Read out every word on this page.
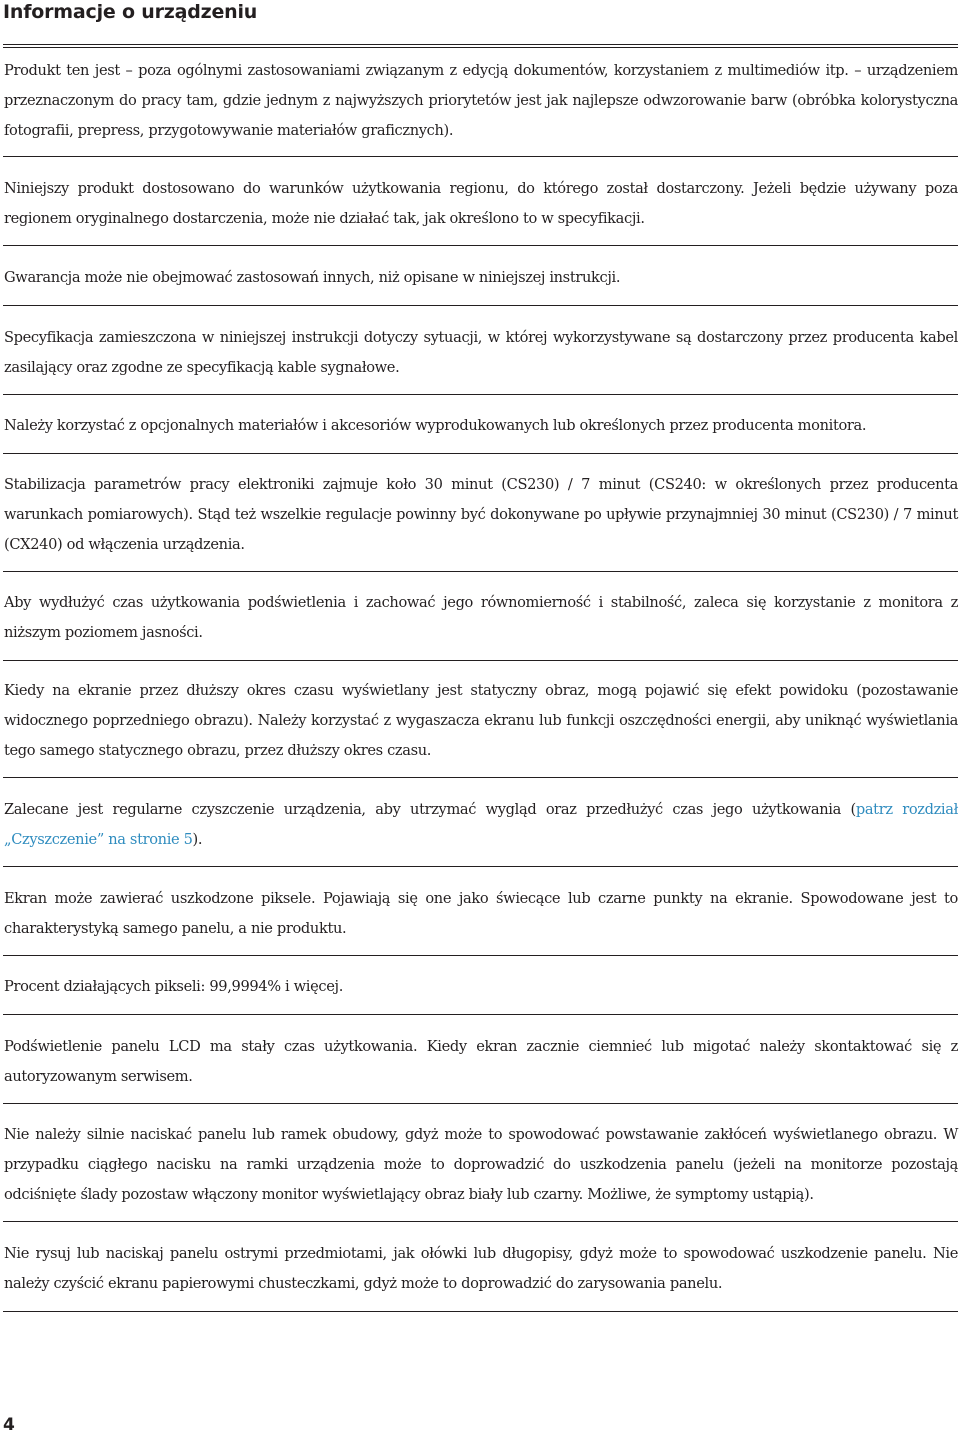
Informacje o urządzeniu

Produkt ten jest – poza ogólnymi zastosowaniami związanym z edycją dokumentów, korzystaniem z multimediów itp. – urządzeniem przeznaczonym do pracy tam, gdzie jednym z najwyższych priorytetów jest jak najlepsze odwzorowanie barw (obróbka kolorystyczna fotografii, prepress, przygotowywanie materiałów graficznych).

Niniejszy produkt dostosowano do warunków użytkowania regionu, do którego został dostarczony. Jeżeli będzie używany poza regionem oryginalnego dostarczenia, może nie działać tak, jak określono to w specyfikacji.

Gwarancja może nie obejmować zastosowań innych, niż opisane w niniejszej instrukcji.

Specyfikacja zamieszczona w niniejszej instrukcji dotyczy sytuacji, w której wykorzystywane są dostarczony przez producenta kabel zasilający oraz zgodne ze specyfikacją kable sygnałowe.

Należy korzystać z opcjonalnych materiałów i akcesoriów wyprodukowanych lub określonych przez producenta monitora.

Stabilizacja parametrów pracy elektroniki zajmuje koło 30 minut (CS230) / 7 minut (CS240: w określonych przez producenta warunkach pomiarowych). Stąd też wszelkie regulacje powinny być dokonywane po upływie przynajmniej 30 minut (CS230) / 7 minut (CX240) od włączenia urządzenia.

Aby wydłużyć czas użytkowania podświetlenia i zachować jego równomierność i stabilność, zaleca się korzystanie z monitora z niższym poziomem jasności.

Kiedy na ekranie przez dłuższy okres czasu wyświetlany jest statyczny obraz, mogą pojawić się efekt powidoku (pozostawanie widocznego poprzedniego obrazu). Należy korzystać z wygaszacza ekranu lub funkcji oszczędności energii, aby uniknąć wyświetlania tego samego statycznego obrazu, przez dłuższy okres czasu.

Zalecane jest regularne czyszczenie urządzenia, aby utrzymać wygląd oraz przedłużyć czas jego użytkowania (patrz rozdział „Czyszczenie” na stronie 5).

Ekran może zawierać uszkodzone piksele. Pojawiają się one jako świecące lub czarne punkty na ekranie. Spowodowane jest to charakterystyką samego panelu, a nie produktu.

Procent działających pikseli: 99,9994% i więcej.

Podświetlenie panelu LCD ma stały czas użytkowania. Kiedy ekran zacznie ciemnieć lub migotać należy skontaktować się z autoryzowanym serwisem.

Nie należy silnie naciskać panelu lub ramek obudowy, gdyż może to spowodować powstawanie zakłóceń wyświetlanego obrazu. W przypadku ciągłego nacisku na ramki urządzenia może to doprowadzić do uszkodzenia panelu (jeżeli na monitorze pozostają odciśnięte ślady pozostaw włączony monitor wyświetlający obraz biały lub czarny. Możliwe, że symptomy ustąpią).

Nie rysuj lub naciskaj panelu ostrymi przedmiotami, jak ołówki lub długopisy, gdyż może to spowodować uszkodzenie panelu. Nie należy czyścić ekranu papierowymi chusteczkami, gdyż może to doprowadzić do zarysowania panelu.

4
